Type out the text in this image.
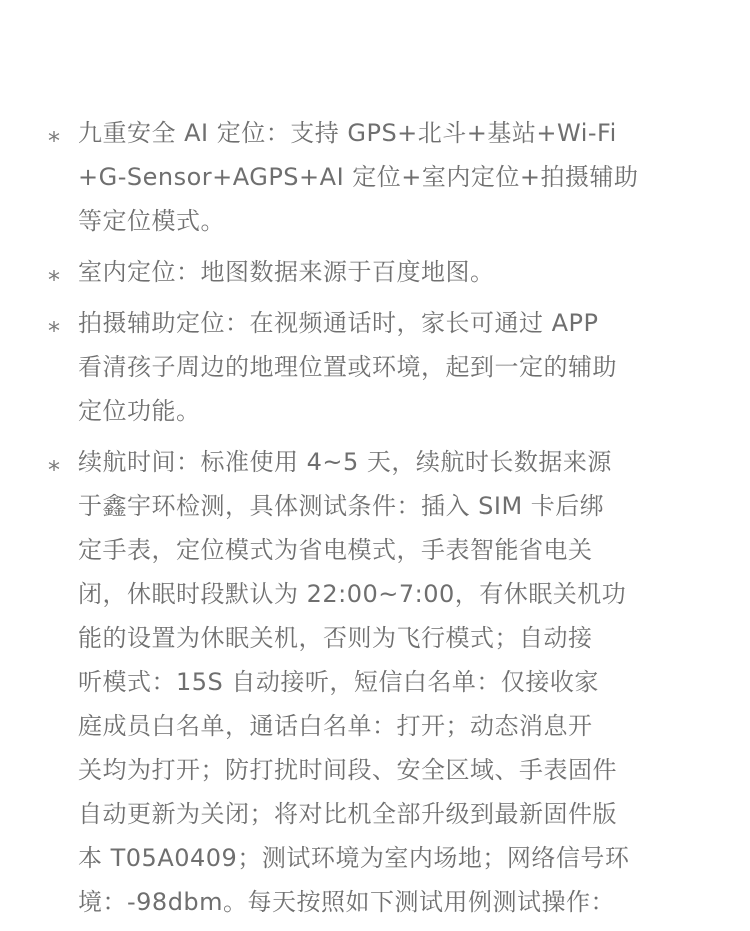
* 九重安全 AI 定位：支持 GPS+北斗+基站+Wi-Fi
+G-Sensor+AGPS+AI 定位+室内定位+拍摄辅助
等定位模式。
* 室内定位：地图数据来源于百度地图。
* 拍摄辅助定位：在视频通话时，家长可通过 APP
看清孩子周边的地理位置或环境，起到一定的辅助
定位功能。
* 续航时间：标准使用 4~5 天，续航时长数据来源
于鑫宇环检测，具体测试条件：插入 SIM 卡后绑
定手表，定位模式为省电模式，手表智能省电关
闭，休眠时段默认为 22:00~7:00，有休眠关机功
能的设置为休眠关机，否则为飞行模式；自动接
听模式：15S 自动接听，短信白名单：仅接收家
庭成员白名单，通话白名单：打开；动态消息开
关均为打开；防打扰时间段、安全区域、手表固件
自动更新为关闭；将对比机全部升级到最新固件版
本 T05A0409；测试环境为室内场地；网络信号环
境：-98dbm。每天按照如下测试用例测试操作：
